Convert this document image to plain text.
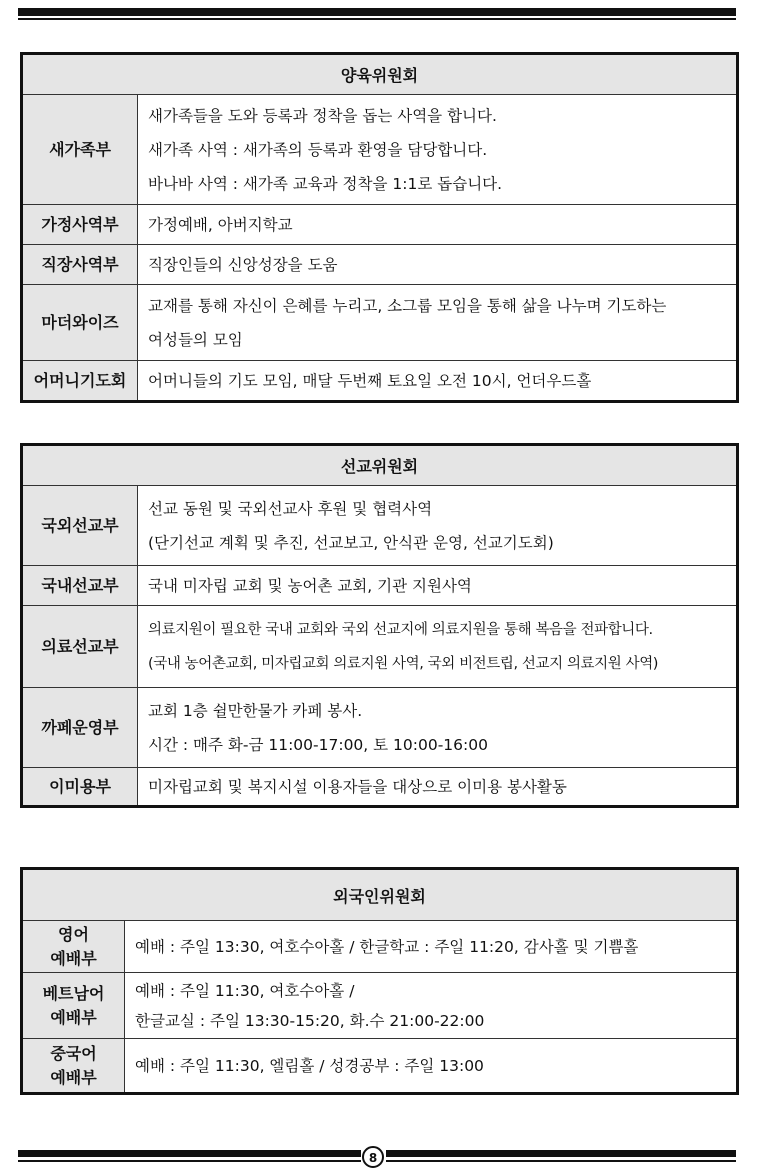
양육위원회	
새가족부	새가족들을 도와 등록과 정착을 돕는 사역을 합니다.
새가족 사역 : 새가족의 등록과 환영을 담당합니다.
바나바 사역 : 새가족 교육과 정착을 1:1로 돕습니다.

가정사역부	가정예배, 아버지학교

직장사역부	직장인들의 신앙성장을 도움

마더와이즈	교재를 통해 자신이 은혜를 누리고, 소그룹 모임을 통해 삶을 나누며 기도하는
여성들의 모임

어머니기도회	어머니들의 기도 모임, 매달 두번째 토요일 오전 10시, 언더우드홀
선교위원회	
국외선교부	선교 동원 및 국외선교사 후원 및 협력사역
(단기선교 계획 및 추진, 선교보고, 안식관 운영, 선교기도회)

국내선교부	국내 미자립 교회 및 농어촌 교회, 기관 지원사역

의료선교부	의료지원이 필요한 국내 교회와 국외 선교지에 의료지원을 통해 복음을 전파합니다.
(국내 농어촌교회, 미자립교회 의료지원 사역, 국외 비전트립, 선교지 의료지원 사역)

까페운영부	교회 1층 쉴만한물가 카페 봉사.
시간 : 매주 화-금 11:00-17:00, 토 10:00-16:00

이미용부	미자립교회 및 복지시설 이용자들을 대상으로 이미용 봉사활동
외국인위원회	
영어
예배부	예배 : 주일 13:30, 여호수아홀 / 한글학교 : 주일 11:20, 감사홀 및 기쁨홀

베트남어
예배부	예배 : 주일 11:30, 여호수아홀 /
한글교실 : 주일 13:30-15:20, 화.수 21:00-22:00

중국어
예배부	예배 : 주일 11:30, 엘림홀 / 성경공부 : 주일 13:00
8
